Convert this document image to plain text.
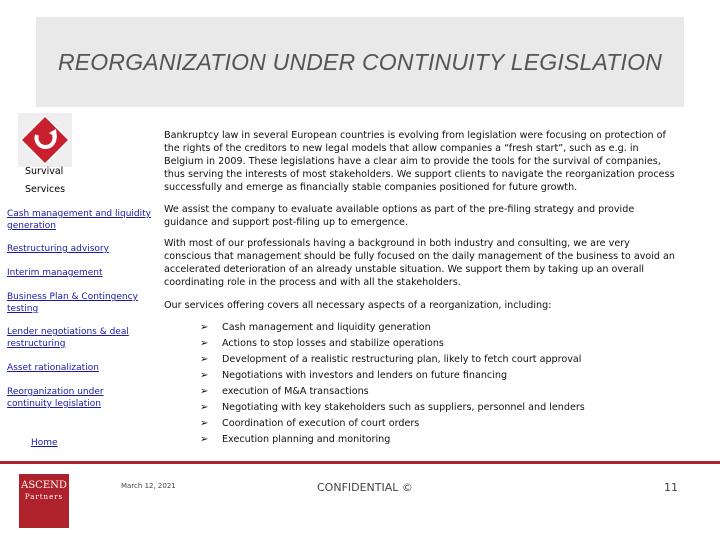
REORGANIZATION UNDER CONTINUITY LEGISLATION
Survival
Services
Cash management and liquidity generation
Restructuring advisory
Interim management
Business Plan & Contingency testing
Lender negotiations & deal restructuring
Asset rationalization
Reorganization under continuity legislation
Home
Bankruptcy law in several European countries is evolving from legislation were focusing on protection of the rights of the creditors to new legal models that allow companies a “fresh start”, such as e.g. in Belgium in 2009. These legislations have a clear aim to provide the tools for the survival of companies, thus serving the interests of most stakeholders. We support clients to navigate the reorganization process successfully and emerge as financially stable companies positioned for future growth.
We assist the company to evaluate available options as part of the pre-filing strategy and provide guidance and support post-filing up to emergence.
With most of our professionals having a background in both industry and consulting, we are very conscious that management should be fully focused on the daily management of the business to avoid an accelerated deterioration of an already unstable situation. We support them by taking up an overall coordinating role in the process and with all the stakeholders.
Our services offering covers all necessary aspects of a reorganization, including:
➢	Cash management and liquidity generation
➢	Actions to stop losses and stabilize operations
➢	Development of a realistic restructuring plan, likely to fetch court approval
➢	Negotiations with investors and lenders on future financing
➢	execution of M&A transactions
➢	Negotiating with key stakeholders such as suppliers, personnel and lenders
➢	Coordination of execution of court orders
➢	Execution planning and monitoring
ASCEND
Partners
March 12, 2021	CONFIDENTIAL ©	11
